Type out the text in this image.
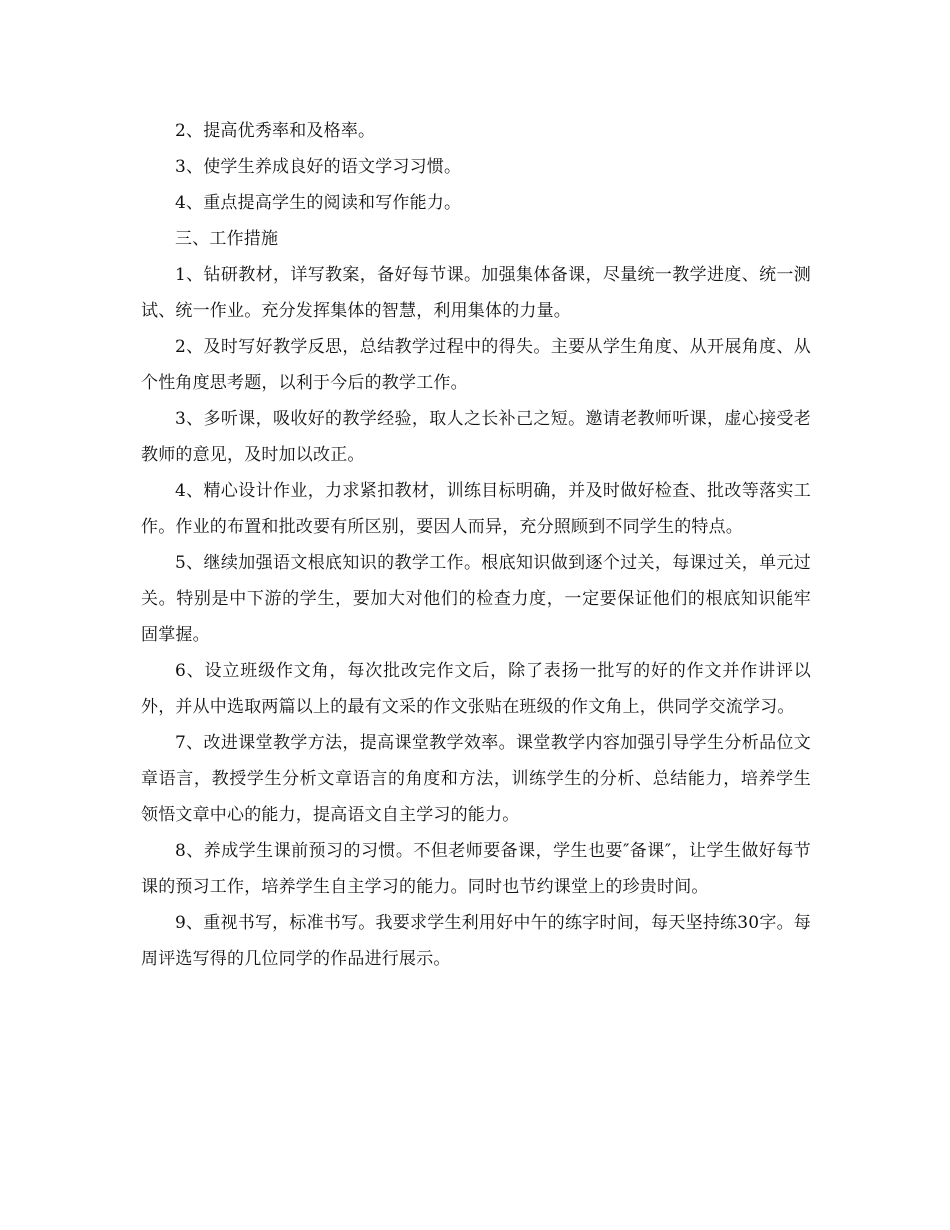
2、提高优秀率和及格率。

3、使学生养成良好的语文学习习惯。

4、重点提高学生的阅读和写作能力。

三、工作措施

1、钻研教材，详写教案，备好每节课。加强集体备课，尽量统一教学进度、统一测试、统一作业。充分发挥集体的智慧，利用集体的力量。

2、及时写好教学反思，总结教学过程中的得失。主要从学生角度、从开展角度、从个性角度思考题，以利于今后的教学工作。

3、多听课，吸收好的教学经验，取人之长补己之短。邀请老教师听课，虚心接受老教师的意见，及时加以改正。

4、精心设计作业，力求紧扣教材，训练目标明确，并及时做好检查、批改等落实工作。作业的布置和批改要有所区别，要因人而异，充分照顾到不同学生的特点。

5、继续加强语文根底知识的教学工作。根底知识做到逐个过关，每课过关，单元过关。特别是中下游的学生，要加大对他们的检查力度，一定要保证他们的根底知识能牢固掌握。

6、设立班级作文角，每次批改完作文后，除了表扬一批写的好的作文并作讲评以外，并从中选取两篇以上的最有文采的作文张贴在班级的作文角上，供同学交流学习。

7、改进课堂教学方法，提高课堂教学效率。课堂教学内容加强引导学生分析品位文章语言，教授学生分析文章语言的角度和方法，训练学生的分析、总结能力，培养学生领悟文章中心的能力，提高语文自主学习的能力。

8、养成学生课前预习的习惯。不但老师要备课，学生也要″备课″，让学生做好每节课的预习工作，培养学生自主学习的能力。同时也节约课堂上的珍贵时间。

9、重视书写，标准书写。我要求学生利用好中午的练字时间，每天坚持练30字。每周评选写得的几位同学的作品进行展示。
